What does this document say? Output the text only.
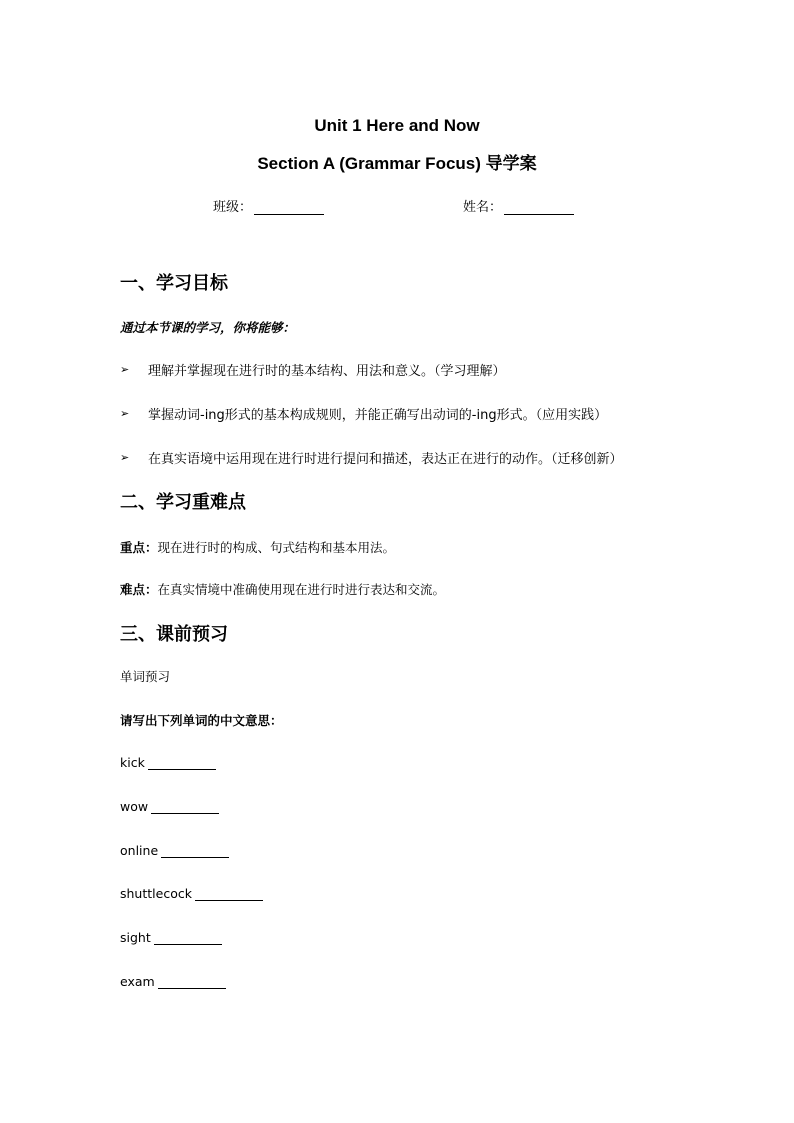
Unit 1 Here and Now
Section A (Grammar Focus) 导学案
班级：	姓名：
一、学习目标
通过本节课的学习，你将能够：
➢	理解并掌握现在进行时的基本结构、用法和意义。（学习理解）
➢	掌握动词-ing形式的基本构成规则，并能正确写出动词的-ing形式。（应用实践）
➢	在真实语境中运用现在进行时进行提问和描述，表达正在进行的动作。（迁移创新）
二、学习重难点
重点：现在进行时的构成、句式结构和基本用法。
难点：在真实情境中准确使用现在进行时进行表达和交流。
三、课前预习
单词预习
请写出下列单词的中文意思：
kick
wow
online
shuttlecock
sight
exam
